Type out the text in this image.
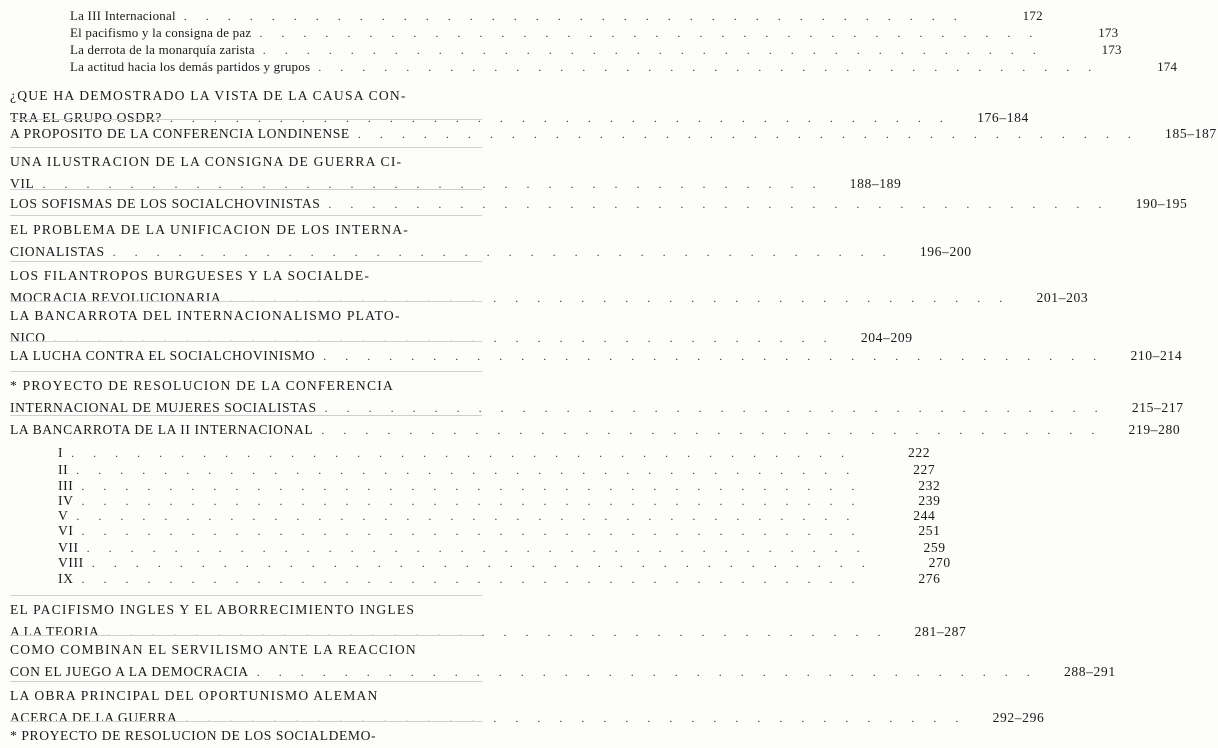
La III Internacional . . . . . . . . . . . . . . . . . . . . . . . . . . . . . . . . . . . .	172
El pacifismo y la consigna de paz . . . . . . . . . . . . . . . . . . . . . . . . . . . . . . . . . . . .	173
La derrota de la monarquía zarista . . . . . . . . . . . . . . . . . . . . . . . . . . . . . . . . . . . .	173
La actitud hacia los demás partidos y grupos . . . . . . . . . . . . . . . . . . . . . . . . . . . . . . . . . . . .	174
¿QUE HA DEMOSTRADO LA VISTA DE LA CAUSA CON-
TRA EL GRUPO OSDR? . . . . . . . . . . . . . . . . . . . . . . . . . . . . . . . . . . . .	176–184
A PROPOSITO DE LA CONFERENCIA LONDINENSE . . . . . . . . . . . . . . . . . . . . . . . . . . . . . . . . . . . .	185–187
UNA ILUSTRACION DE LA CONSIGNA DE GUERRA CI-
VIL . . . . . . . . . . . . . . . . . . . . . . . . . . . . . . . . . . . .	188–189
LOS SOFISMAS DE LOS SOCIALCHOVINISTAS . . . . . . . . . . . . . . . . . . . . . . . . . . . . . . . . . . . .	190–195
EL PROBLEMA DE LA UNIFICACION DE LOS INTERNA-
CIONALISTAS . . . . . . . . . . . . . . . . . . . . . . . . . . . . . . . . . . . .	196–200
LOS FILANTROPOS BURGUESES Y LA SOCIALDE-
MOCRACIA REVOLUCIONARIA . . . . . . . . . . . . . . . . . . . . . . . . . . . . . . . . . . . .	201–203
LA BANCARROTA DEL INTERNACIONALISMO PLATO-
NICO . . . . . . . . . . . . . . . . . . . . . . . . . . . . . . . . . . . .	204–209
LA LUCHA CONTRA EL SOCIALCHOVINISMO . . . . . . . . . . . . . . . . . . . . . . . . . . . . . . . . . . . .	210–214
* PROYECTO DE RESOLUCION DE LA CONFERENCIA
INTERNACIONAL DE MUJERES SOCIALISTAS . . . . . . . . . . . . . . . . . . . . . . . . . . . . . . . . . . . .	215–217
LA BANCARROTA DE LA II INTERNACIONAL . . . . . . . . . . . . . . . . . . . . . . . . . . . . . . . . . . . .	219–280
I . . . . . . . . . . . . . . . . . . . . . . . . . . . . . . . . . . . .	222
II . . . . . . . . . . . . . . . . . . . . . . . . . . . . . . . . . . . .	227
III . . . . . . . . . . . . . . . . . . . . . . . . . . . . . . . . . . . .	232
IV . . . . . . . . . . . . . . . . . . . . . . . . . . . . . . . . . . . .	239
V . . . . . . . . . . . . . . . . . . . . . . . . . . . . . . . . . . . .	244
VI . . . . . . . . . . . . . . . . . . . . . . . . . . . . . . . . . . . .	251
VII . . . . . . . . . . . . . . . . . . . . . . . . . . . . . . . . . . . .	259
VIII . . . . . . . . . . . . . . . . . . . . . . . . . . . . . . . . . . . .	270
IX . . . . . . . . . . . . . . . . . . . . . . . . . . . . . . . . . . . .	276
EL PACIFISMO INGLES Y EL ABORRECIMIENTO INGLES
A LA TEORIA . . . . . . . . . . . . . . . . . . . . . . . . . . . . . . . . . . . .	281–287
COMO COMBINAN EL SERVILISMO ANTE LA REACCION
CON EL JUEGO A LA DEMOCRACIA . . . . . . . . . . . . . . . . . . . . . . . . . . . . . . . . . . . .	288–291
LA OBRA PRINCIPAL DEL OPORTUNISMO ALEMAN
ACERCA DE LA GUERRA . . . . . . . . . . . . . . . . . . . . . . . . . . . . . . . . . . . .	292–296
* PROYECTO DE RESOLUCION DE LOS SOCIALDEMO-
